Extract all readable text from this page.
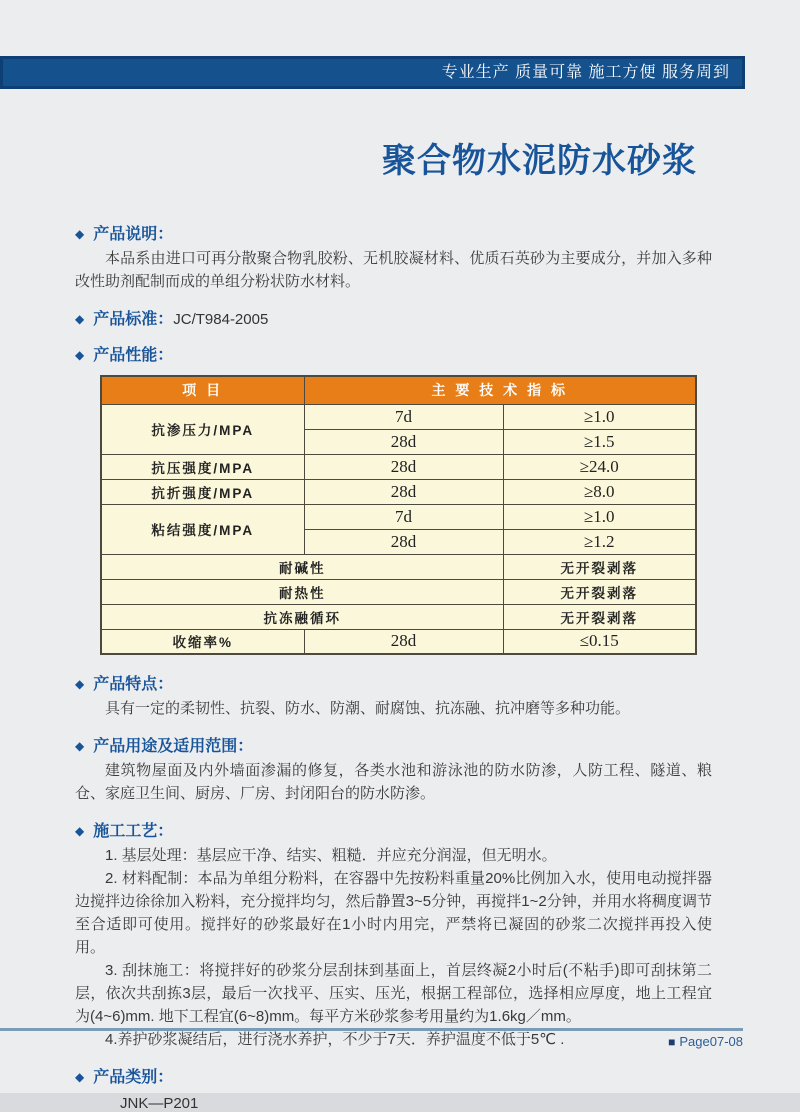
专业生产 质量可靠 施工方便 服务周到
聚合物水泥防水砂浆
◆ 产品说明：

本品系由进口可再分散聚合物乳胶粉、无机胶凝材料、优质石英砂为主要成分，并加入多种改性助剂配制而成的单组分粉状防水材料。

◆ 产品标准： JC/T984-2005
◆ 产品性能：
项 目	主 要 技 术 指 标	
抗渗压力/MPA	7d	≥1.0
	28d	≥1.5
抗压强度/MPA	28d	≥24.0
抗折强度/MPA	28d	≥8.0
粘结强度/MPA	7d	≥1.0
	28d	≥1.2
耐碱性		无开裂剥落
耐热性		无开裂剥落
抗冻融循环		无开裂剥落
收缩率%	28d	≤0.15
◆ 产品特点：

具有一定的柔韧性、抗裂、防水、防潮、耐腐蚀、抗冻融、抗冲磨等多种功能。

◆ 产品用途及适用范围：

建筑物屋面及内外墙面渗漏的修复，各类水池和游泳池的防水防渗，人防工程、隧道、粮仓、家庭卫生间、厨房、厂房、封闭阳台的防水防渗。

◆ 施工工艺：

1. 基层处理：基层应干净、结实、粗糙．并应充分润湿，但无明水。

2. 材料配制：本品为单组分粉料，在容器中先按粉料重量20%比例加入水，使用电动搅拌器边搅拌边徐徐加入粉料，充分搅拌均匀，然后静置3~5分钟，再搅拌1~2分钟，并用水将稠度调节至合适即可使用。搅拌好的砂浆最好在1小时内用完，严禁将已凝固的砂浆二次搅拌再投入使用。

3. 刮抹施工：将搅拌好的砂浆分层刮抹到基面上，首层终凝2小时后(不粘手)即可刮抹第二层，依次共刮拣3层，最后一次找平、压实、压光，根据工程部位，选择相应厚度，地上工程宜为(4~6)mm. 地下工程宜(6~8)mm。每平方米砂浆参考用量约为1.6kg／mm。

4.养护砂浆凝结后，进行浇水养护，不少于7天．养护温度不低于5℃ .

◆ 产品类别：
JNK—P201
■ Page07-08
